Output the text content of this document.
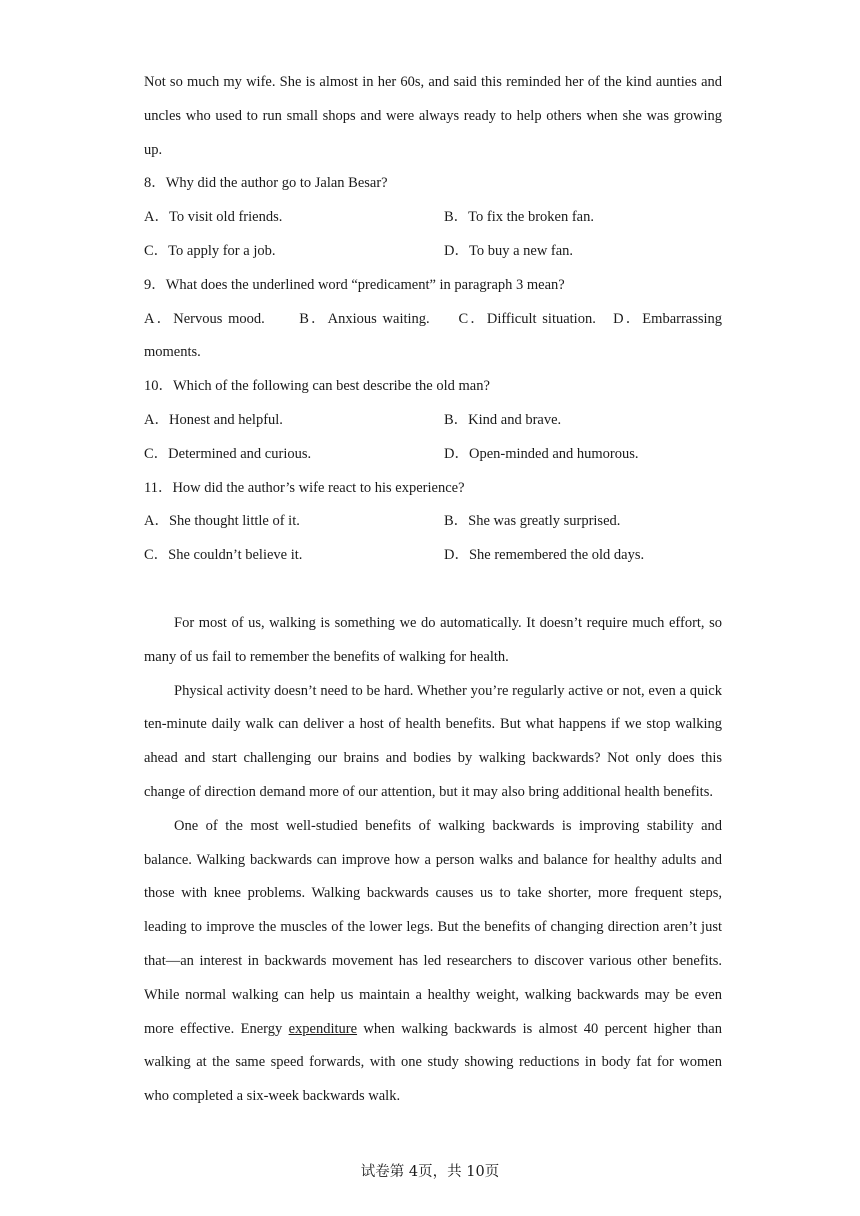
Not so much my wife. She is almost in her 60s, and said this reminded her of the kind aunties and uncles who used to run small shops and were always ready to help others when she was growing up.

8．Why did the author go to Jalan Besar?
A．To visit old friends.	B．To fix the broken fan.
C．To apply for a job.	D．To buy a new fan.
9．What does the underlined word “predicament” in paragraph 3 mean?

A．Nervous mood. B．Anxious waiting. C．Difficult situation. D．Embarrassing moments.

10．Which of the following can best describe the old man?
A．Honest and helpful.	B．Kind and brave.
C．Determined and curious.	D．Open-minded and humorous.
11．How did the author’s wife react to his experience?
A．She thought little of it.	B．She was greatly surprised.
C．She couldn’t believe it.	D．She remembered the old days.

For most of us, walking is something we do automatically. It doesn’t require much effort, so many of us fail to remember the benefits of walking for health.

Physical activity doesn’t need to be hard. Whether you’re regularly active or not, even a quick ten-minute daily walk can deliver a host of health benefits. But what happens if we stop walking ahead and start challenging our brains and bodies by walking backwards? Not only does this change of direction demand more of our attention, but it may also bring additional health benefits.

One of the most well-studied benefits of walking backwards is improving stability and balance. Walking backwards can improve how a person walks and balance for healthy adults and those with knee problems. Walking backwards causes us to take shorter, more frequent steps, leading to improve the muscles of the lower legs. But the benefits of changing direction aren’t just that—an interest in backwards movement has led researchers to discover various other benefits. While normal walking can help us maintain a healthy weight, walking backwards may be even more effective. Energy expenditure when walking backwards is almost 40 percent higher than walking at the same speed forwards, with one study showing reductions in body fat for women who completed a six-week backwards walk.

试卷第 4页，共 10页
